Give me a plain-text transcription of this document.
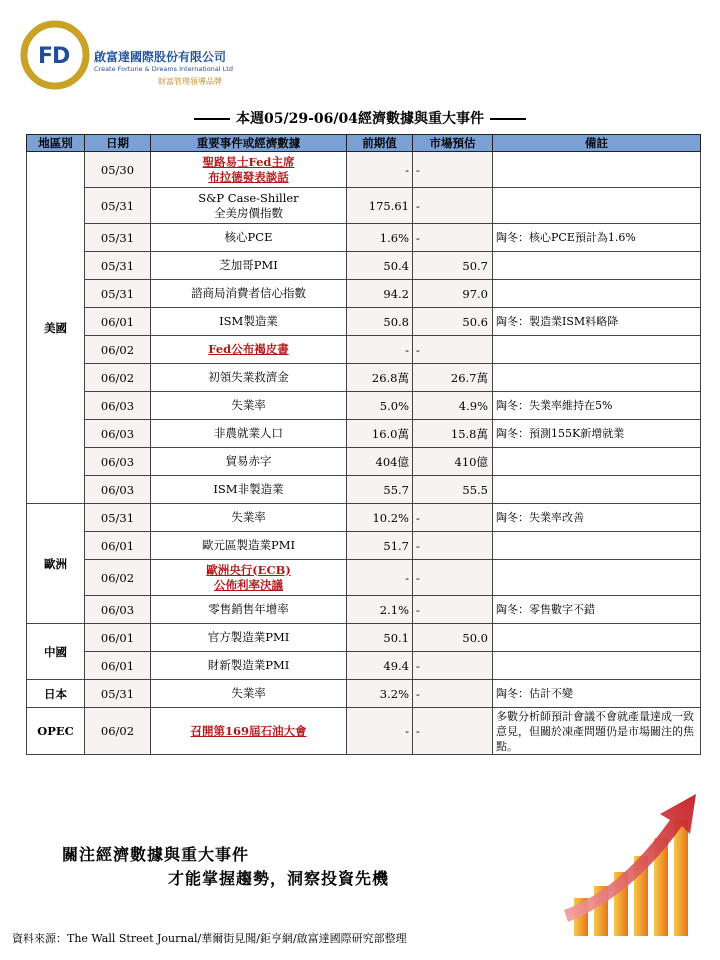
FD 啟富達國際股份有限公司
Create Fortune & Dreams International Ltd
財富管理領導品牌
本週05/29-06/04經濟數據與重大事件
地區別	日期	重要事件或經濟數據	前期值	市場預估	備註
美國	05/30	聖路易士Fed主席
布拉德發表談話	-	-	
	05/31	S&P Case-Shiller
全美房價指數	175.61	-	
	05/31	核心PCE	1.6%	-	陶冬：核心PCE預計為1.6%
	05/31	芝加哥PMI	50.4	50.7	
	05/31	諮商局消費者信心指數	94.2	97.0	
	06/01	ISM製造業	50.8	50.6	陶冬：製造業ISM料略降
	06/02	Fed公布褐皮書	-	-	
	06/02	初領失業救濟金	26.8萬	26.7萬	
	06/03	失業率	5.0%	4.9%	陶冬：失業率維持在5%
	06/03	非農就業人口	16.0萬	15.8萬	陶冬：預測155K新增就業
	06/03	貿易赤字	404億	410億	
	06/03	ISM非製造業	55.7	55.5	
歐洲	05/31	失業率	10.2%	-	陶冬：失業率改善
	06/01	歐元區製造業PMI	51.7	-	
	06/02	歐洲央行(ECB)
公佈利率決議	-	-	
	06/03	零售銷售年增率	2.1%	-	陶冬：零售數字不錯
中國	06/01	官方製造業PMI	50.1	50.0	
	06/01	財新製造業PMI	49.4	-	
日本	05/31	失業率	3.2%	-	陶冬：估計不變
OPEC	06/02	召開第169屆石油大會	-	-	多數分析師預計會議不會就產量達成一致意見，但關於凍產問題仍是市場關注的焦點。
關注經濟數據與重大事件
才能掌握趨勢，洞察投資先機
資料來源：The Wall Street Journal/華爾街見聞/鉅亨網/啟富達國際研究部整理
